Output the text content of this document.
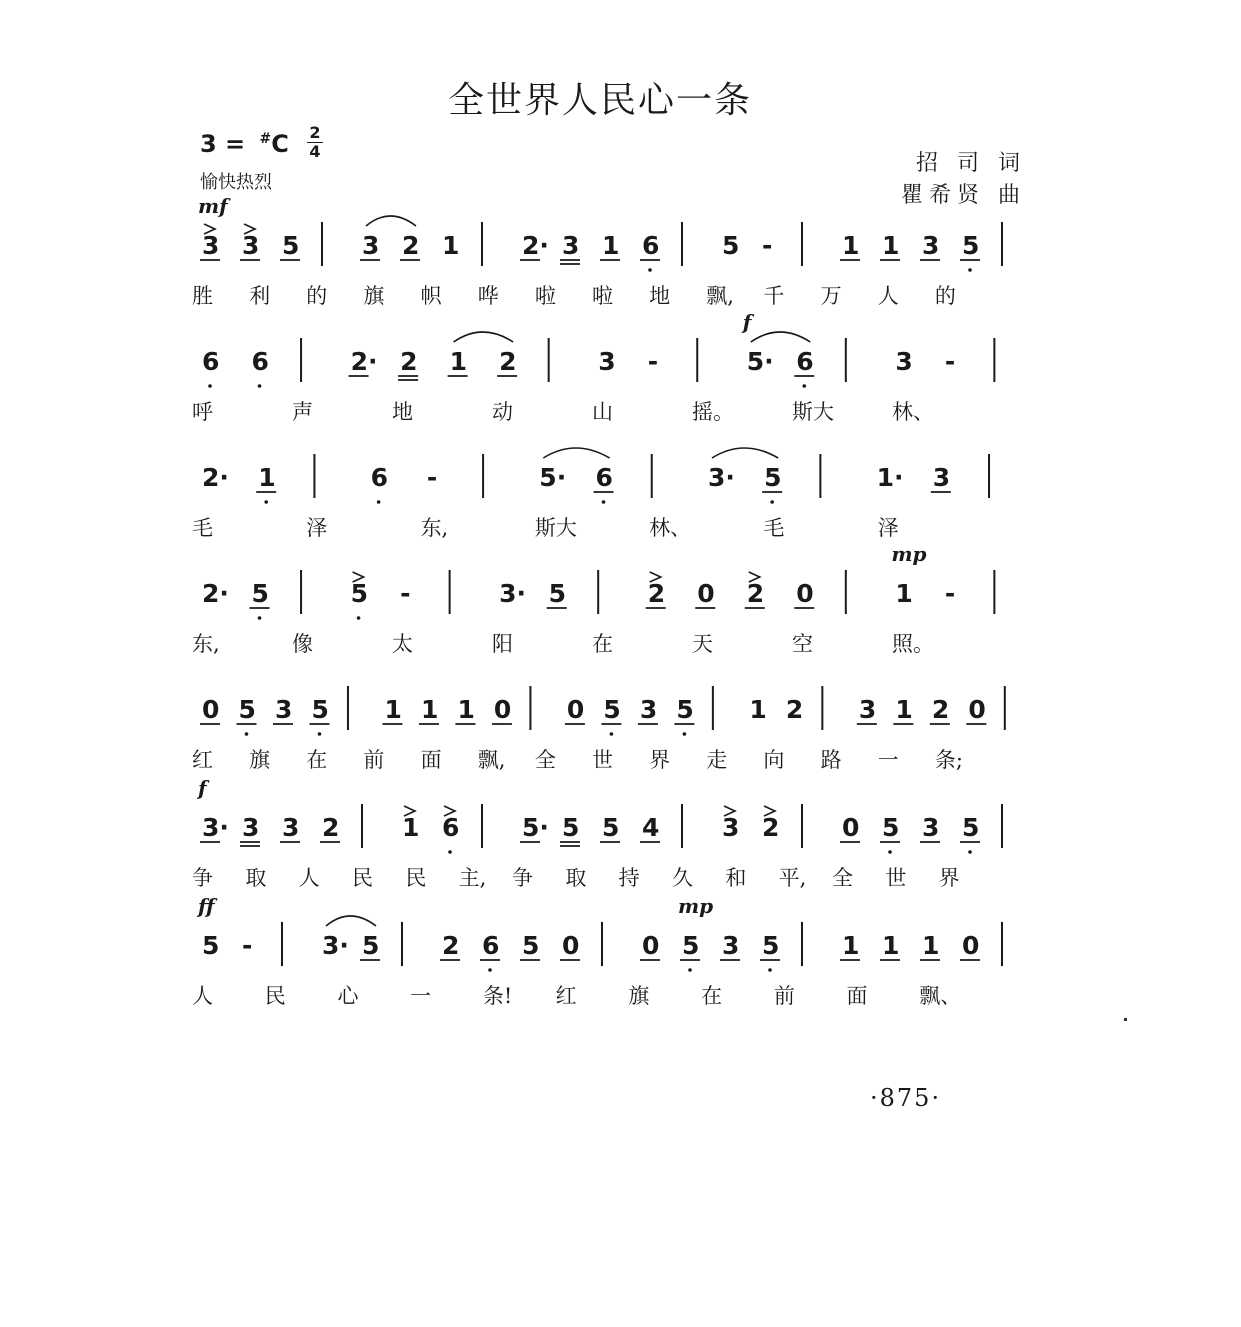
全世界人民心一条
3 = #C 2
4
愉快热烈
招 司 词
瞿希贤 曲
3 3 5	3 2 1	2· 3 1 6	5 -	1 1 3 5
mf
胜 利 的 旗 帜 哗 啦 啦 地 飘, 千 万 人 的
6 6	2· 2 1 2	3 -	5· 6	3 -
f
呼	声	地	动	山	摇。	斯大	林、
2· 1	6 -	5· 6	3· 5	1· 3
毛	泽	东,	斯大	林、	毛	泽
2· 5	5 -	3· 5	2 0 2 0	1 -
mp
东,	像	太	阳	在	天	空	照。
0 5 3 5 1 1 1 0 0 5 3 5 1 2 3 1 2 0
红 旗 在 前 面 飘, 全 世 界 走 向 路 一 条;
3· 3 3 2	1 6	5· 5 5 4	3 2	0 5 3 5
f
争 取 人 民 民 主, 争 取 持 久 和 平, 全 世 界
5 -	3· 5	2 6 5 0	0 5 3 5	1 1 1 0
ff	mp
人 民 心 一 条! 红 旗 在 前 面 飘、
·875·
